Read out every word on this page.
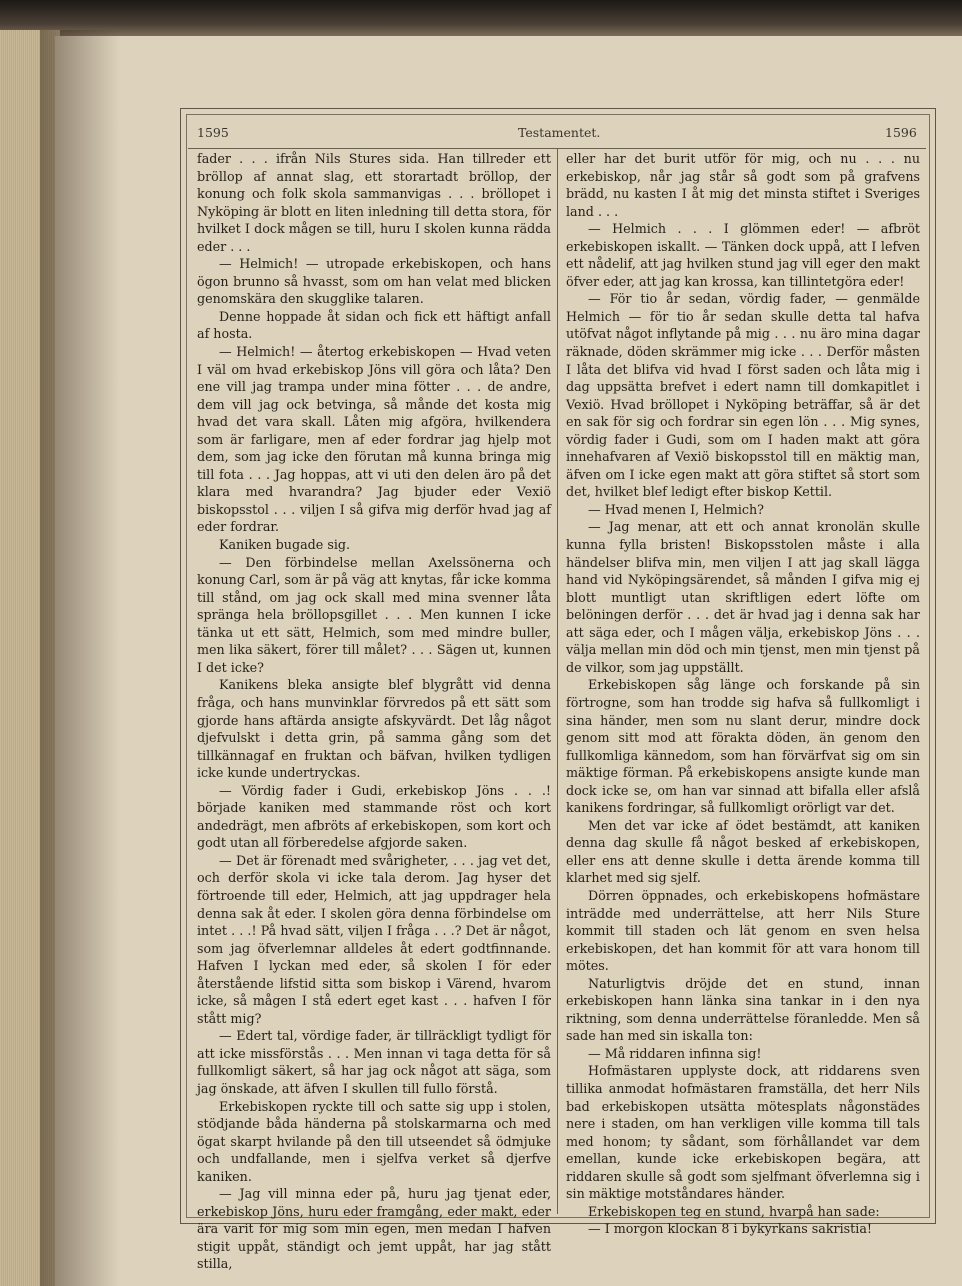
1595	Testamentet.	1596

fader . . . ifrån Nils Stures sida. Han tillreder ett bröllop af annat slag, ett storartadt bröllop, der konung och folk skola sammanvigas . . . bröllopet i Nyköping är blott en liten inledning till detta stora, för hvilket I dock mågen se till, huru I skolen kunna rädda eder . . .

— Helmich! — utropade erkebiskopen, och hans ögon brunno så hvasst, som om han velat med blicken genomskära den skugglike talaren.

Denne hoppade åt sidan och fick ett häftigt anfall af hosta.

— Helmich! — återtog erkebiskopen — Hvad veten I väl om hvad erkebiskop Jöns vill göra och låta? Den ene vill jag trampa under mina fötter . . . de andre, dem vill jag ock betvinga, så månde det kosta mig hvad det vara skall. Låten mig afgöra, hvilkendera som är farligare, men af eder fordrar jag hjelp mot dem, som jag icke den förutan må kunna bringa mig till fota . . . Jag hoppas, att vi uti den delen äro på det klara med hvarandra? Jag bjuder eder Vexiö biskopsstol . . . viljen I så gifva mig derför hvad jag af eder fordrar.

Kaniken bugade sig.

— Den förbindelse mellan Axelssönerna och konung Carl, som är på väg att knytas, får icke komma till stånd, om jag ock skall med mina svenner låta spränga hela bröllopsgillet . . . Men kunnen I icke tänka ut ett sätt, Helmich, som med mindre buller, men lika säkert, förer till målet? . . . Sägen ut, kunnen I det icke?

Kanikens bleka ansigte blef blygrått vid denna fråga, och hans munvinklar förvredos på ett sätt som gjorde hans aftärda ansigte afskyvärdt. Det låg något djefvulskt i detta grin, på samma gång som det tillkännagaf en fruktan och bäfvan, hvilken tydligen icke kunde undertryckas.

— Vördig fader i Gudi, erkebiskop Jöns . . .! började kaniken med stammande röst och kort andedrägt, men afbröts af erkebiskopen, som kort och godt utan all förberedelse afgjorde saken.

— Det är förenadt med svårigheter, . . . jag vet det, och derför skola vi icke tala derom. Jag hyser det förtroende till eder, Helmich, att jag uppdrager hela denna sak åt eder. I skolen göra denna förbindelse om intet . . .! På hvad sätt, viljen I fråga . . .? Det är något, som jag öfverlemnar alldeles åt edert godtfinnande. Hafven I lyckan med eder, så skolen I för eder återstående lifstid sitta som biskop i Värend, hvarom icke, så mågen I stå edert eget kast . . . hafven I för stått mig?

— Edert tal, vördige fader, är tillräckligt tydligt för att icke missförstås . . . Men innan vi taga detta för så fullkomligt säkert, så har jag ock något att säga, som jag önskade, att äfven I skullen till fullo förstå.

Erkebiskopen ryckte till och satte sig upp i stolen, stödjande båda händerna på stolskarmarna och med ögat skarpt hvilande på den till utseendet så ödmjuke och undfallande, men i sjelfva verket så djerfve kaniken.

— Jag vill minna eder på, huru jag tjenat eder, erkebiskop Jöns, huru eder framgång, eder makt, eder ära varit för mig som min egen, men medan I hafven stigit uppåt, ständigt och jemt uppåt, har jag stått stilla,

eller har det burit utför för mig, och nu . . . nu erkebiskop, når jag står så godt som på grafvens brädd, nu kasten I åt mig det minsta stiftet i Sveriges land . . .

— Helmich . . . I glömmen eder! — afbröt erkebiskopen iskallt. — Tänken dock uppå, att I lefven ett nådelif, att jag hvilken stund jag vill eger den makt öfver eder, att jag kan krossa, kan tillintetgöra eder!

— För tio år sedan, vördig fader, — genmälde Helmich — för tio år sedan skulle detta tal hafva utöfvat något inflytande på mig . . . nu äro mina dagar räknade, döden skrämmer mig icke . . . Derför måsten I låta det blifva vid hvad I först saden och låta mig i dag uppsätta brefvet i edert namn till domkapitlet i Vexiö. Hvad bröllopet i Nyköping beträffar, så är det en sak för sig och fordrar sin egen lön . . . Mig synes, vördig fader i Gudi, som om I haden makt att göra innehafvaren af Vexiö biskopsstol till en mäktig man, äfven om I icke egen makt att göra stiftet så stort som det, hvilket blef ledigt efter biskop Kettil.

— Hvad menen I, Helmich?

— Jag menar, att ett och annat kronolän skulle kunna fylla bristen! Biskopsstolen måste i alla händelser blifva min, men viljen I att jag skall lägga hand vid Nyköpingsärendet, så månden I gifva mig ej blott muntligt utan skriftligen edert löfte om belöningen derför . . . det är hvad jag i denna sak har att säga eder, och I mågen välja, erkebiskop Jöns . . . välja mellan min död och min tjenst, men min tjenst på de vilkor, som jag uppställt.

Erkebiskopen såg länge och forskande på sin förtrogne, som han trodde sig hafva så fullkomligt i sina händer, men som nu slant derur, mindre dock genom sitt mod att förakta döden, än genom den fullkomliga kännedom, som han förvärfvat sig om sin mäktige förman. På erkebiskopens ansigte kunde man dock icke se, om han var sinnad att bifalla eller afslå kanikens fordringar, så fullkomligt orörligt var det.

Men det var icke af ödet bestämdt, att kaniken denna dag skulle få något besked af erkebiskopen, eller ens att denne skulle i detta ärende komma till klarhet med sig sjelf.

Dörren öppnades, och erkebiskopens hofmästare inträdde med underrättelse, att herr Nils Sture kommit till staden och lät genom en sven helsa erkebiskopen, det han kommit för att vara honom till mötes.

Naturligtvis dröjde det en stund, innan erkebiskopen hann länka sina tankar in i den nya riktning, som denna underrättelse föranledde. Men så sade han med sin iskalla ton:

— Må riddaren infinna sig!

Hofmästaren upplyste dock, att riddarens sven tillika anmodat hofmästaren framställa, det herr Nils bad erkebiskopen utsätta mötesplats någonstädes nere i staden, om han verkligen ville komma till tals med honom; ty sådant, som förhållandet var dem emellan, kunde icke erkebiskopen begära, att riddaren skulle så godt som sjelfmant öfverlemna sig i sin mäktige motståndares händer.

Erkebiskopen teg en stund, hvarpå han sade:

— I morgon klockan 8 i bykyrkans sakristia!
